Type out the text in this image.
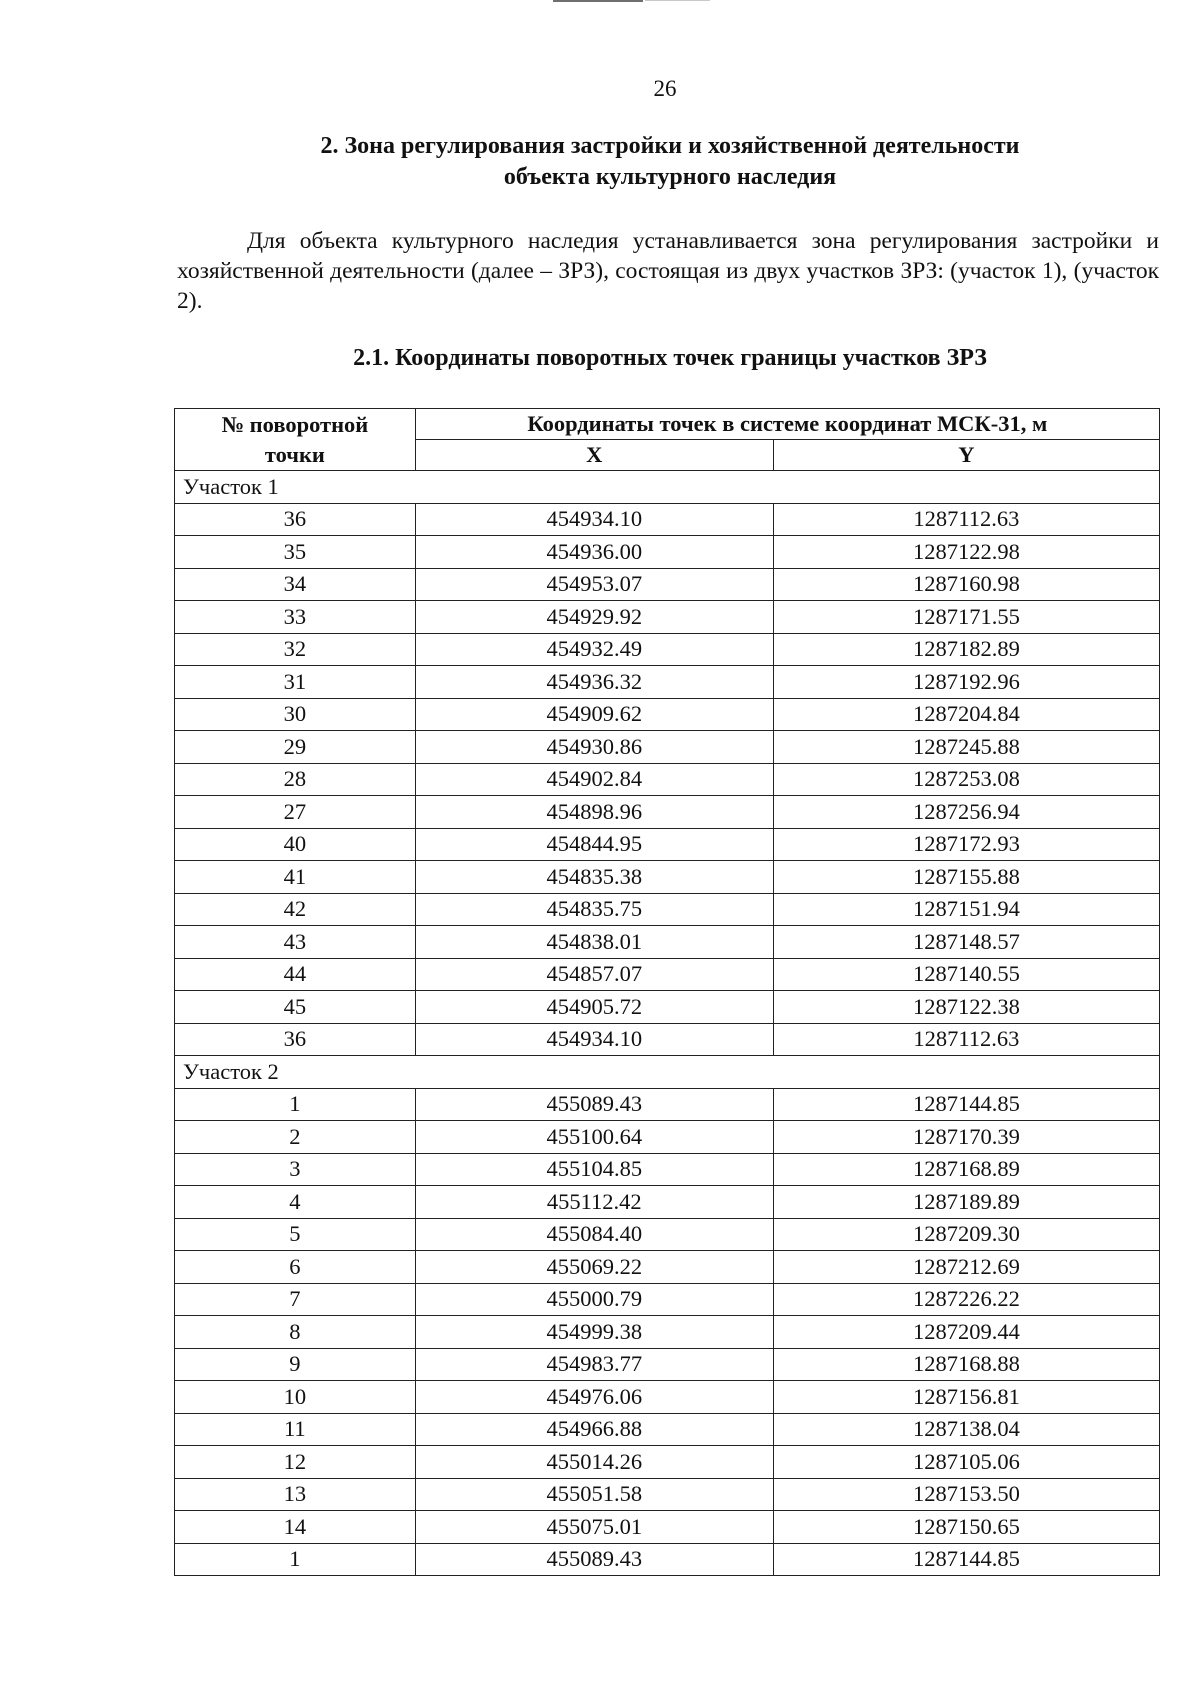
26
2. Зона регулирования застройки и хозяйственной деятельности
объекта культурного наследия
Для объекта культурного наследия устанавливается зона регулирования застройки и хозяйственной деятельности (далее – ЗРЗ), состоящая из двух участков ЗРЗ: (участок 1), (участок 2).
2.1. Координаты поворотных точек границы участков ЗРЗ
№ поворотной
точки	Координаты точек в системе координат МСК-31, м	
	X	Y
Участок 1		
36	454934.10	1287112.63
35	454936.00	1287122.98
34	454953.07	1287160.98
33	454929.92	1287171.55
32	454932.49	1287182.89
31	454936.32	1287192.96
30	454909.62	1287204.84
29	454930.86	1287245.88
28	454902.84	1287253.08
27	454898.96	1287256.94
40	454844.95	1287172.93
41	454835.38	1287155.88
42	454835.75	1287151.94
43	454838.01	1287148.57
44	454857.07	1287140.55
45	454905.72	1287122.38
36	454934.10	1287112.63
Участок 2		
1	455089.43	1287144.85
2	455100.64	1287170.39
3	455104.85	1287168.89
4	455112.42	1287189.89
5	455084.40	1287209.30
6	455069.22	1287212.69
7	455000.79	1287226.22
8	454999.38	1287209.44
9	454983.77	1287168.88
10	454976.06	1287156.81
11	454966.88	1287138.04
12	455014.26	1287105.06
13	455051.58	1287153.50
14	455075.01	1287150.65
1	455089.43	1287144.85
